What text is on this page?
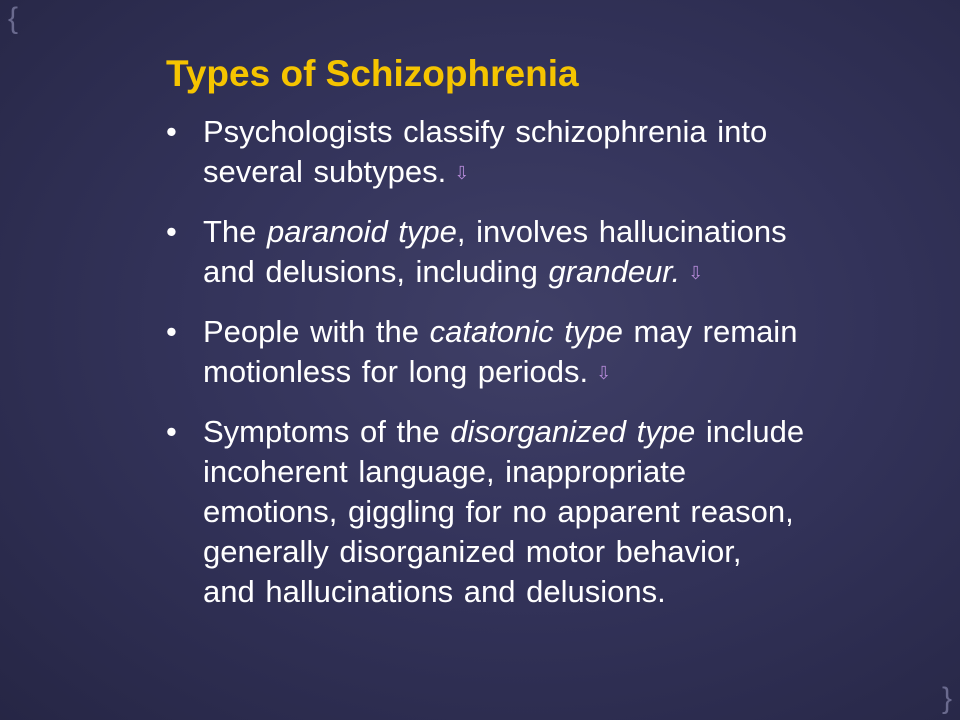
{
}
Types of Schizophrenia
• Psychologists classify schizophrenia into
several subtypes. ⇩
• The paranoid type, involves hallucinations
and delusions, including grandeur. ⇩
• People with the catatonic type may remain
motionless for long periods. ⇩
• Symptoms of the disorganized type include
incoherent language, inappropriate
emotions, giggling for no apparent reason,
generally disorganized motor behavior,
and hallucinations and delusions.
